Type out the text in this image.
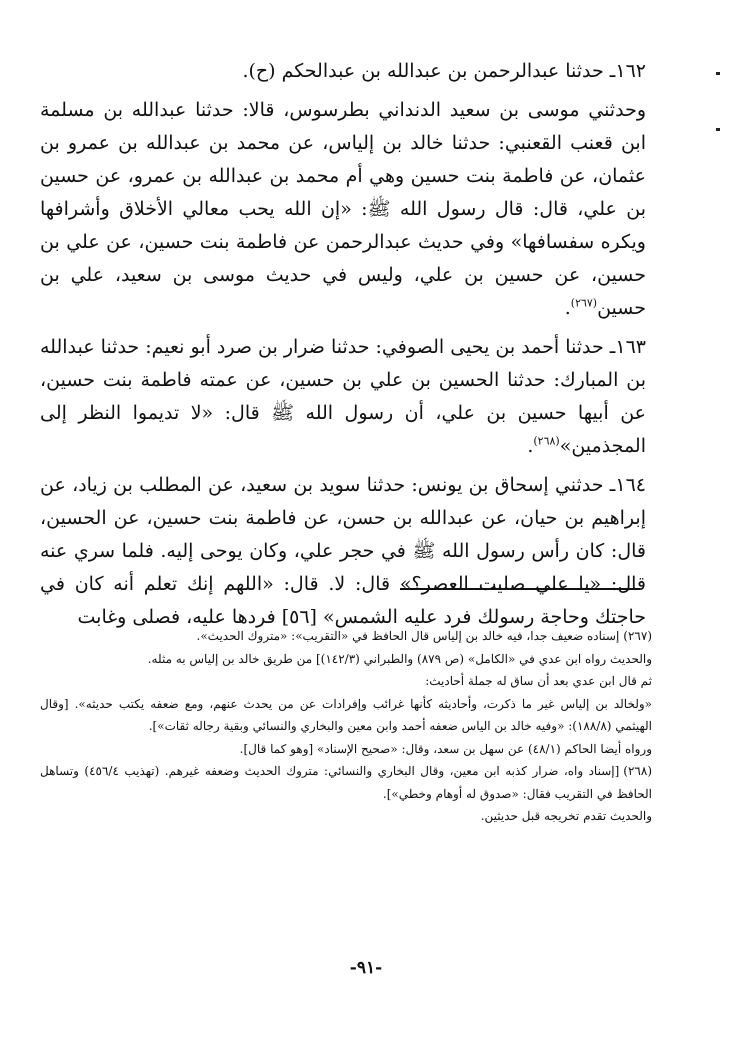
١٦٢ـ حدثنا عبدالرحمن بن عبدالله بن عبدالحكم (ح).

وحدثني موسى بن سعيد الدنداني بطرسوس، قالا: حدثنا عبدالله بن مسلمة ابن قعنب القعنبي: حدثنا خالد بن إلياس، عن محمد بن عبدالله بن عمرو بن عثمان، عن فاطمة بنت حسين وهي أم محمد بن عبدالله بن عمرو، عن حسين بن علي، قال: قال رسول الله ﷺ: «إن الله يحب معالي الأخلاق وأشرافها ويكره سفسافها» وفي حديث عبدالرحمن عن فاطمة بنت حسين، عن علي بن حسين، عن حسين بن علي، وليس في حديث موسى بن سعيد، علي بن حسين$^{(٢٦٧)}$.

١٦٣ـ حدثنا أحمد بن يحيى الصوفي: حدثنا ضرار بن صرد أبو نعيم: حدثنا عبدالله بن المبارك: حدثنا الحسين بن علي بن حسين، عن عمته فاطمة بنت حسين، عن أبيها حسين بن علي، أن رسول الله ﷺ قال: «لا تديموا النظر إلى المجذمين»$^{(٢٦٨)}$.

١٦٤ـ حدثني إسحاق بن يونس: حدثنا سويد بن سعيد، عن المطلب بن زياد، عن إبراهيم بن حيان، عن عبدالله بن حسن، عن فاطمة بنت حسين، عن الحسين، قال: كان رأس رسول الله ﷺ في حجر علي، وكان يوحى إليه. فلما سري عنه قال: «يا علي صليت العصر؟» قال: لا. قال: «اللهم إنك تعلم أنه كان في حاجتك وحاجة رسولك فرد عليه الشمس» [٥٦] فردها عليه، فصلى وغابت

(٢٦٧)إسناده ضعيف جدا، فيه خالد بن إلياس قال الحافظ في «التقريب»: «متروك الحديث».

والحديث رواه ابن عدي في «الكامل» (ص ٨٧٩) والطبراني (١٤٢/٣)] من طريق خالد بن إلياس به مثله.

ثم قال ابن عدي بعد أن ساق له جملة أحاديث:

«ولخالد بن إلياس غير ما ذكرت، وأحاديثه كأنها غرائب وإفرادات عن من يحدث عنهم، ومع ضعفه يكتب حديثه». [وقال الهيثمي (١٨٨/٨): «وفيه خالد بن الياس ضعفه أحمد وابن معين والبخاري والنسائي وبقية رجاله ثقات»].

ورواه أيضا الحاكم (٤٨/١) عن سهل بن سعد، وقال: «صحيح الإسناد» [وهو كما قال].

(٢٦٨)[إسناد واه، ضرار كذبه ابن معين، وقال البخاري والنسائي: متروك الحديث وضعفه غيرهم. (تهذيب ٤٥٦/٤) وتساهل الحافظ في التقريب فقال: «صدوق له أوهام وخطي»].

والحديث تقدم تخريجه قبل حديثين.

-٩١-
